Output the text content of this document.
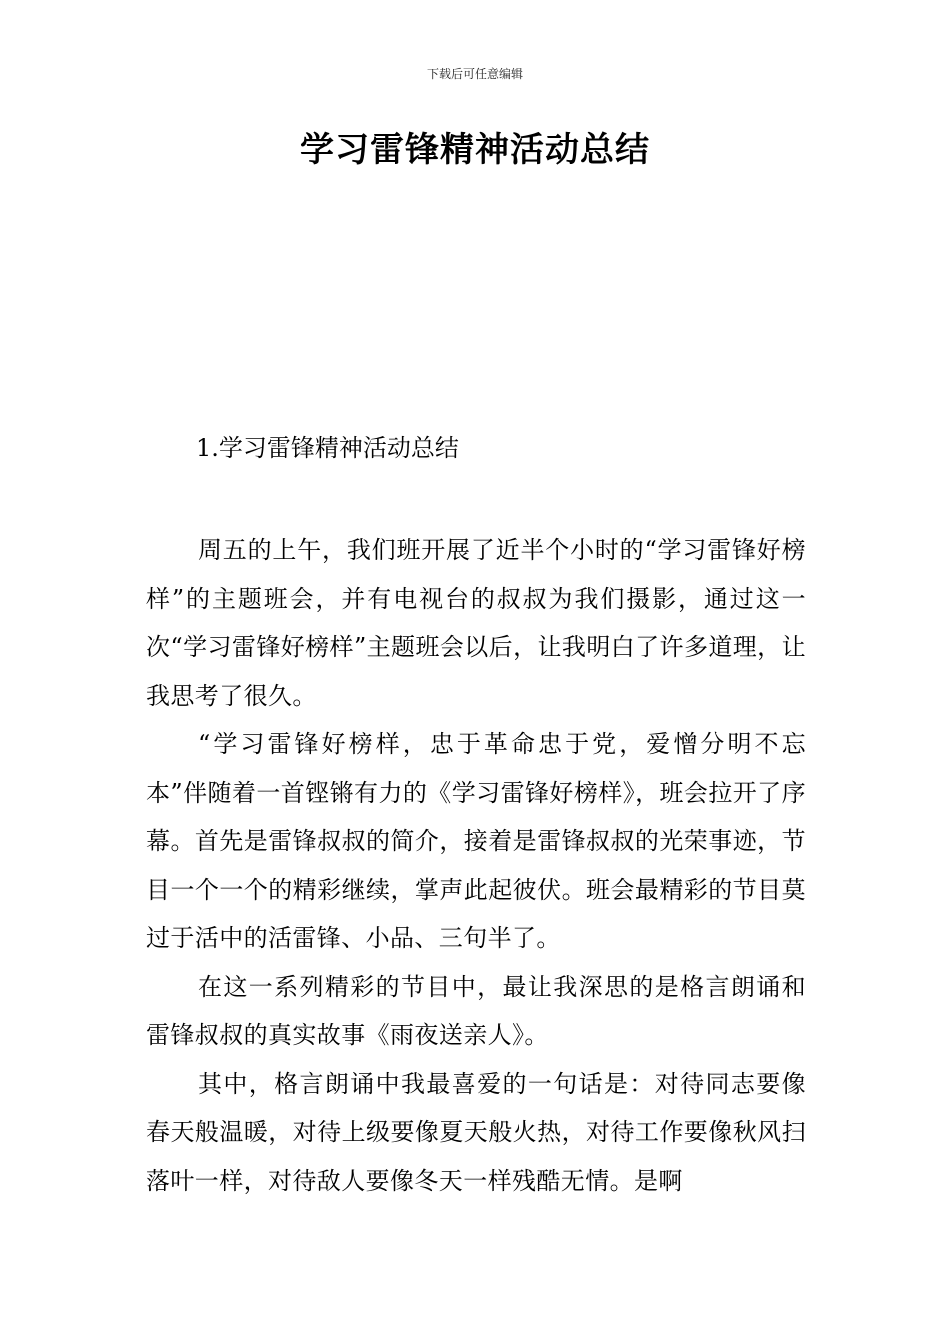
下载后可任意编辑
学习雷锋精神活动总结
1.学习雷锋精神活动总结

周五的上午，我们班开展了近半个小时的“学习雷锋好榜样”的主题班会，并有电视台的叔叔为我们摄影，通过这一次“学习雷锋好榜样”主题班会以后，让我明白了许多道理，让我思考了很久。

“学习雷锋好榜样，忠于革命忠于党，爱憎分明不忘本”伴随着一首铿锵有力的《学习雷锋好榜样》，班会拉开了序幕。首先是雷锋叔叔的简介，接着是雷锋叔叔的光荣事迹，节目一个一个的精彩继续，掌声此起彼伏。班会最精彩的节目莫过于活中的活雷锋、小品、三句半了。

在这一系列精彩的节目中，最让我深思的是格言朗诵和雷锋叔叔的真实故事《雨夜送亲人》。

其中，格言朗诵中我最喜爱的一句话是：对待同志要像春天般温暖，对待上级要像夏天般火热，对待工作要像秋风扫落叶一样，对待敌人要像冬天一样残酷无情。是啊
